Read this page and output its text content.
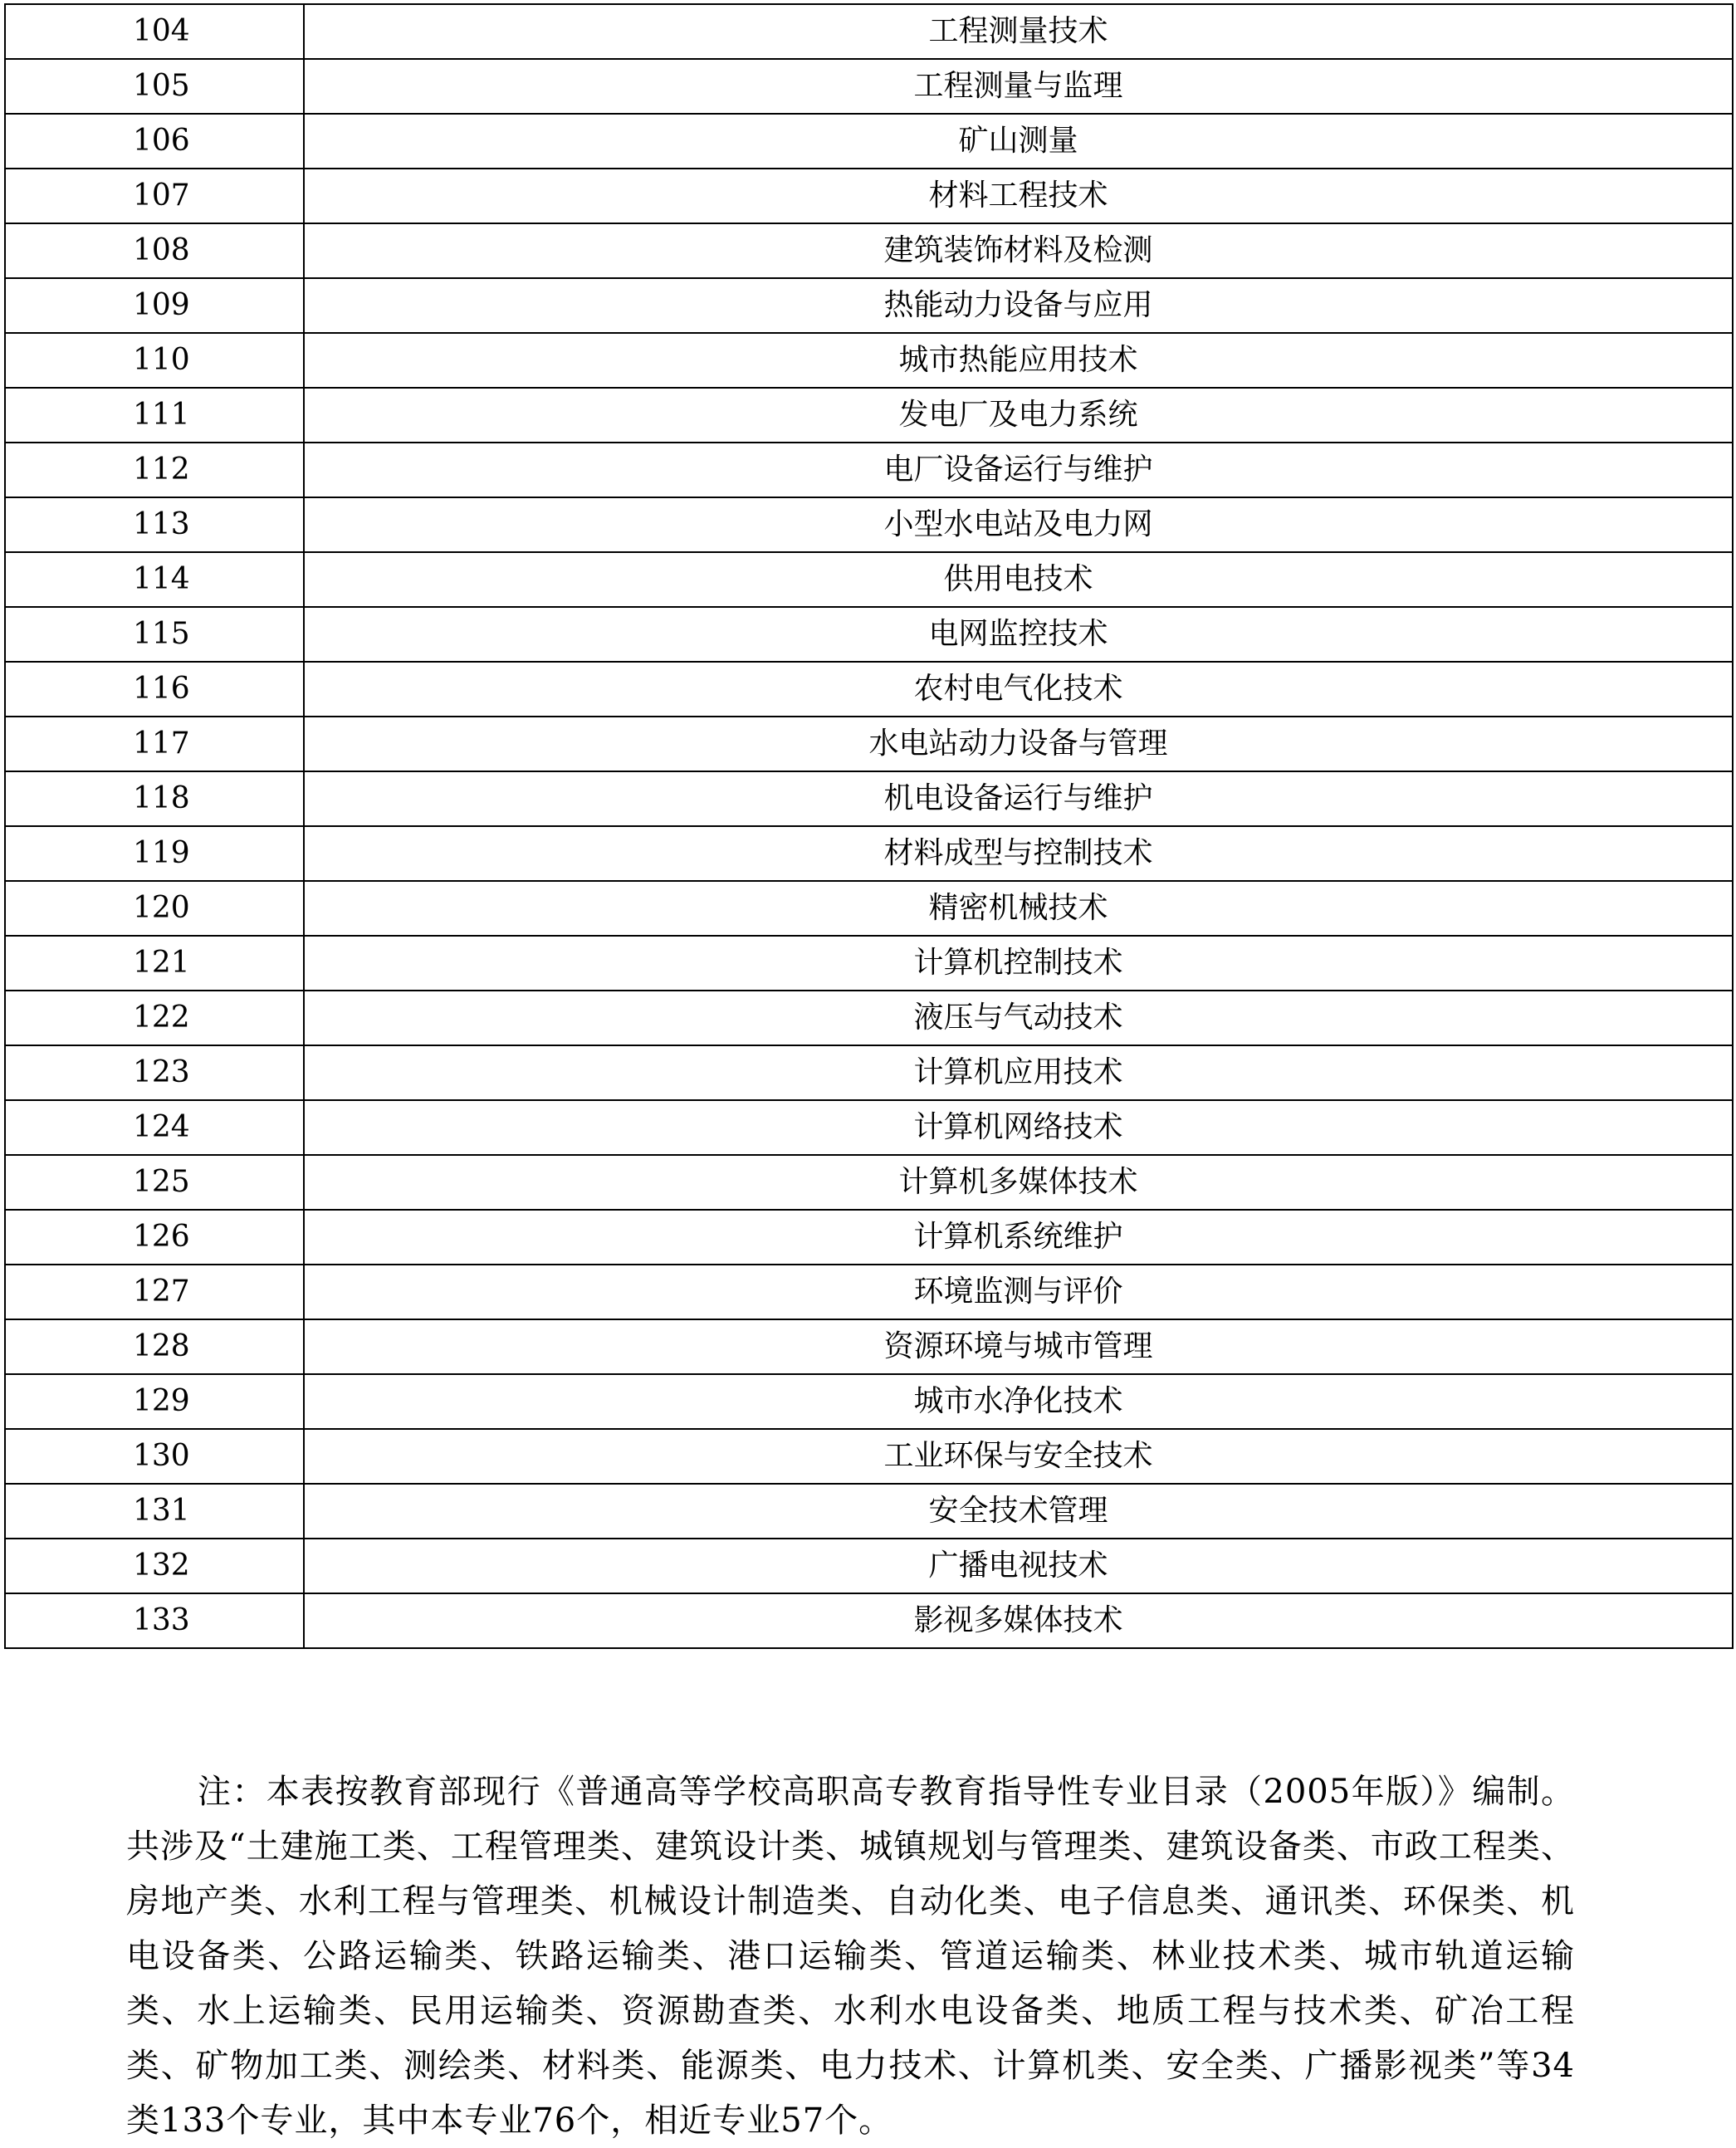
104	工程测量技术
105	工程测量与监理
106	矿山测量
107	材料工程技术
108	建筑装饰材料及检测
109	热能动力设备与应用
110	城市热能应用技术
111	发电厂及电力系统
112	电厂设备运行与维护
113	小型水电站及电力网
114	供用电技术
115	电网监控技术
116	农村电气化技术
117	水电站动力设备与管理
118	机电设备运行与维护
119	材料成型与控制技术
120	精密机械技术
121	计算机控制技术
122	液压与气动技术
123	计算机应用技术
124	计算机网络技术
125	计算机多媒体技术
126	计算机系统维护
127	环境监测与评价
128	资源环境与城市管理
129	城市水净化技术
130	工业环保与安全技术
131	安全技术管理
132	广播电视技术
133	影视多媒体技术

注：本表按教育部现行《普通高等学校高职高专教育指导性专业目录（2005年版）》编制。共涉及“土建施工类、工程管理类、建筑设计类、城镇规划与管理类、建筑设备类、市政工程类、房地产类、水利工程与管理类、机械设计制造类、自动化类、电子信息类、通讯类、环保类、机电设备类、公路运输类、铁路运输类、港口运输类、管道运输类、林业技术类、城市轨道运输类、水上运输类、民用运输类、资源勘查类、水利水电设备类、地质工程与技术类、矿冶工程类、矿物加工类、测绘类、材料类、能源类、电力技术、计算机类、安全类、广播影视类”等34类133个专业，其中本专业76个，相近专业57个。
